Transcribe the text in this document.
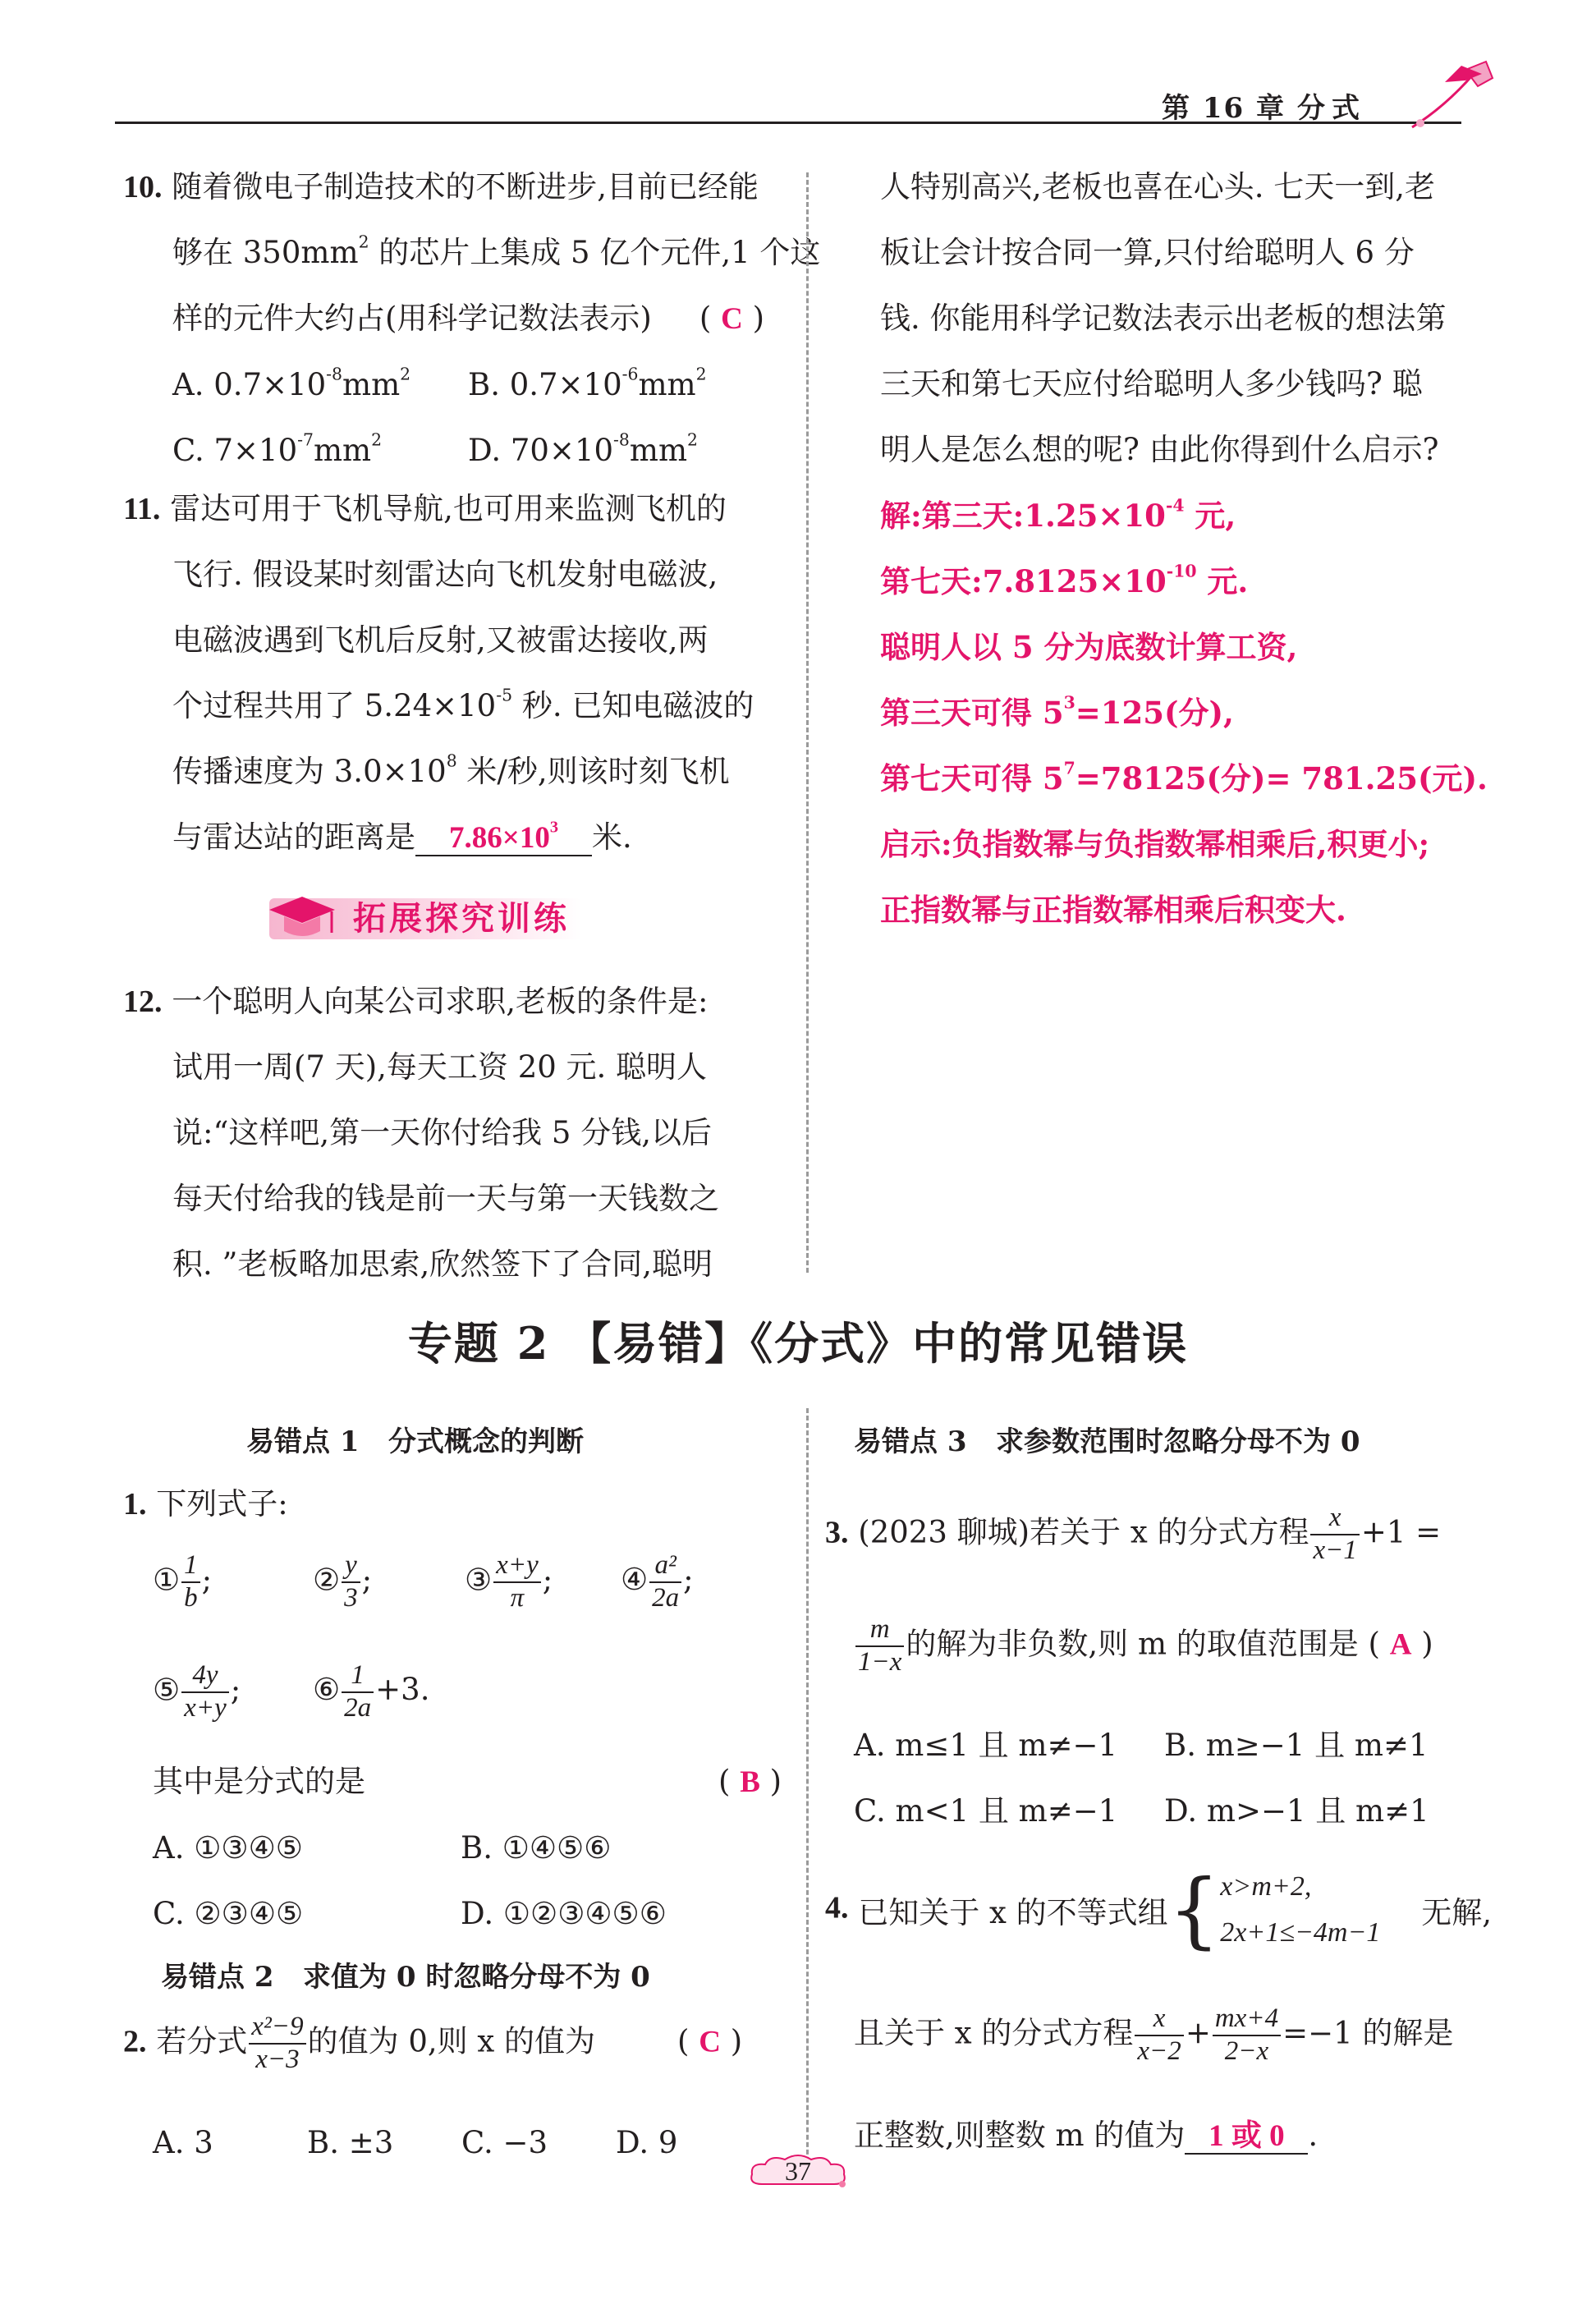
第 16 章 分式
10. 随着微电子制造技术的不断进步,目前已经能
够在 $350mm^2$ 的芯片上集成 5 亿个元件,1 个这
样的元件大约占(用科学记数法表示) ( C )
A. $0.7\times 10^{-8}mm^2$ B. $0.7\times 10^{-6}mm^2$
C. $7\times 10^{-7}mm^2$	D. $70\times 10^{-8}mm^2$
11. 雷达可用于飞机导航,也可用来监测飞机的
飞行. 假设某时刻雷达向飞机发射电磁波,
电磁波遇到飞机后反射,又被雷达接收,两
个过程共用了 $5.24\times 10^{-5}$ 秒. 已知电磁波的
传播速度为 $3.0\times 10^8$ 米/秒,则该时刻飞机
与雷达站的距离是 $7.86\times 10^3$ 米.
拓展探究训练
12. 一个聪明人向某公司求职,老板的条件是:
试用一周(7 天),每天工资 20 元. 聪明人
说:“这样吧,第一天你付给我 5 分钱,以后
每天付给我的钱是前一天与第一天钱数之
积. ”老板略加思索,欣然签下了合同,聪明
人特别高兴,老板也喜在心头. 七天一到,老
板让会计按合同一算,只付给聪明人 6 分
钱. 你能用科学记数法表示出老板的想法第
三天和第七天应付给聪明人多少钱吗? 聪
明人是怎么想的呢? 由此你得到什么启示?
解:第三天$:1.25\times 10^{-4}$ 元,
第七天$:7.8125\times 10^{-10}$ 元.
聪明人以 5 分为底数计算工资,
第三天可得 $5^3=125$(分),
第七天可得 $5^7=78125$(分)= 781.25(元).
启示:负指数幂与负指数幂相乘后,积更小;
正指数幂与正指数幂相乘后积变大.
专题 2 【易错】《分式》中的常见错误
易错点 1   分式概念的判断
1. 下列式子:
① $\frac{1}{b}$ ;	② $\frac{y}{3}$ ;	③ $\frac{x+y}{\pi}$ ; ④ $\frac{\text{a²}}{2a}$ ;
⑤ $\frac{4y}{x+y}$ ; ⑥ $\frac{1}{2a} +3$.
其中是分式的是	( B )
A. ①③④⑤	B. ①④⑤⑥
C. ②③④⑤	D. ①②③④⑤⑥
易错点 2   求值为 0 时忽略分母不为 0
2. 若分式 $\frac{\text{x²−9}}{x-3}$ 的值为 0,则 x 的值为	( C )
A. 3	B. ±3 C. −3 D. 9
易错点 3   求参数范围时忽略分母不为 0
3. (2023 聊城)若关于 x 的分式方程 $\frac{x}{x-1} +1$ =
$\frac{m}{1-x}$ 的解为非负数,则 m 的取值范围是 ( A )
A. m≤1 且 m≠−1 B. m≥−1 且 m≠1
C. m<1 且 m≠−1 D. m>−1 且 m≠1
4. 已知关于 x 的不等式组{ x>m+2,
2x+1≤−4m−1
无解,
且关于 x 的分式方程 $\frac{x}{x-2} + \frac{mx+4}{2-x} =-1$ 的解是
正整数,则整数 m 的值为 1 或 0 .
37
